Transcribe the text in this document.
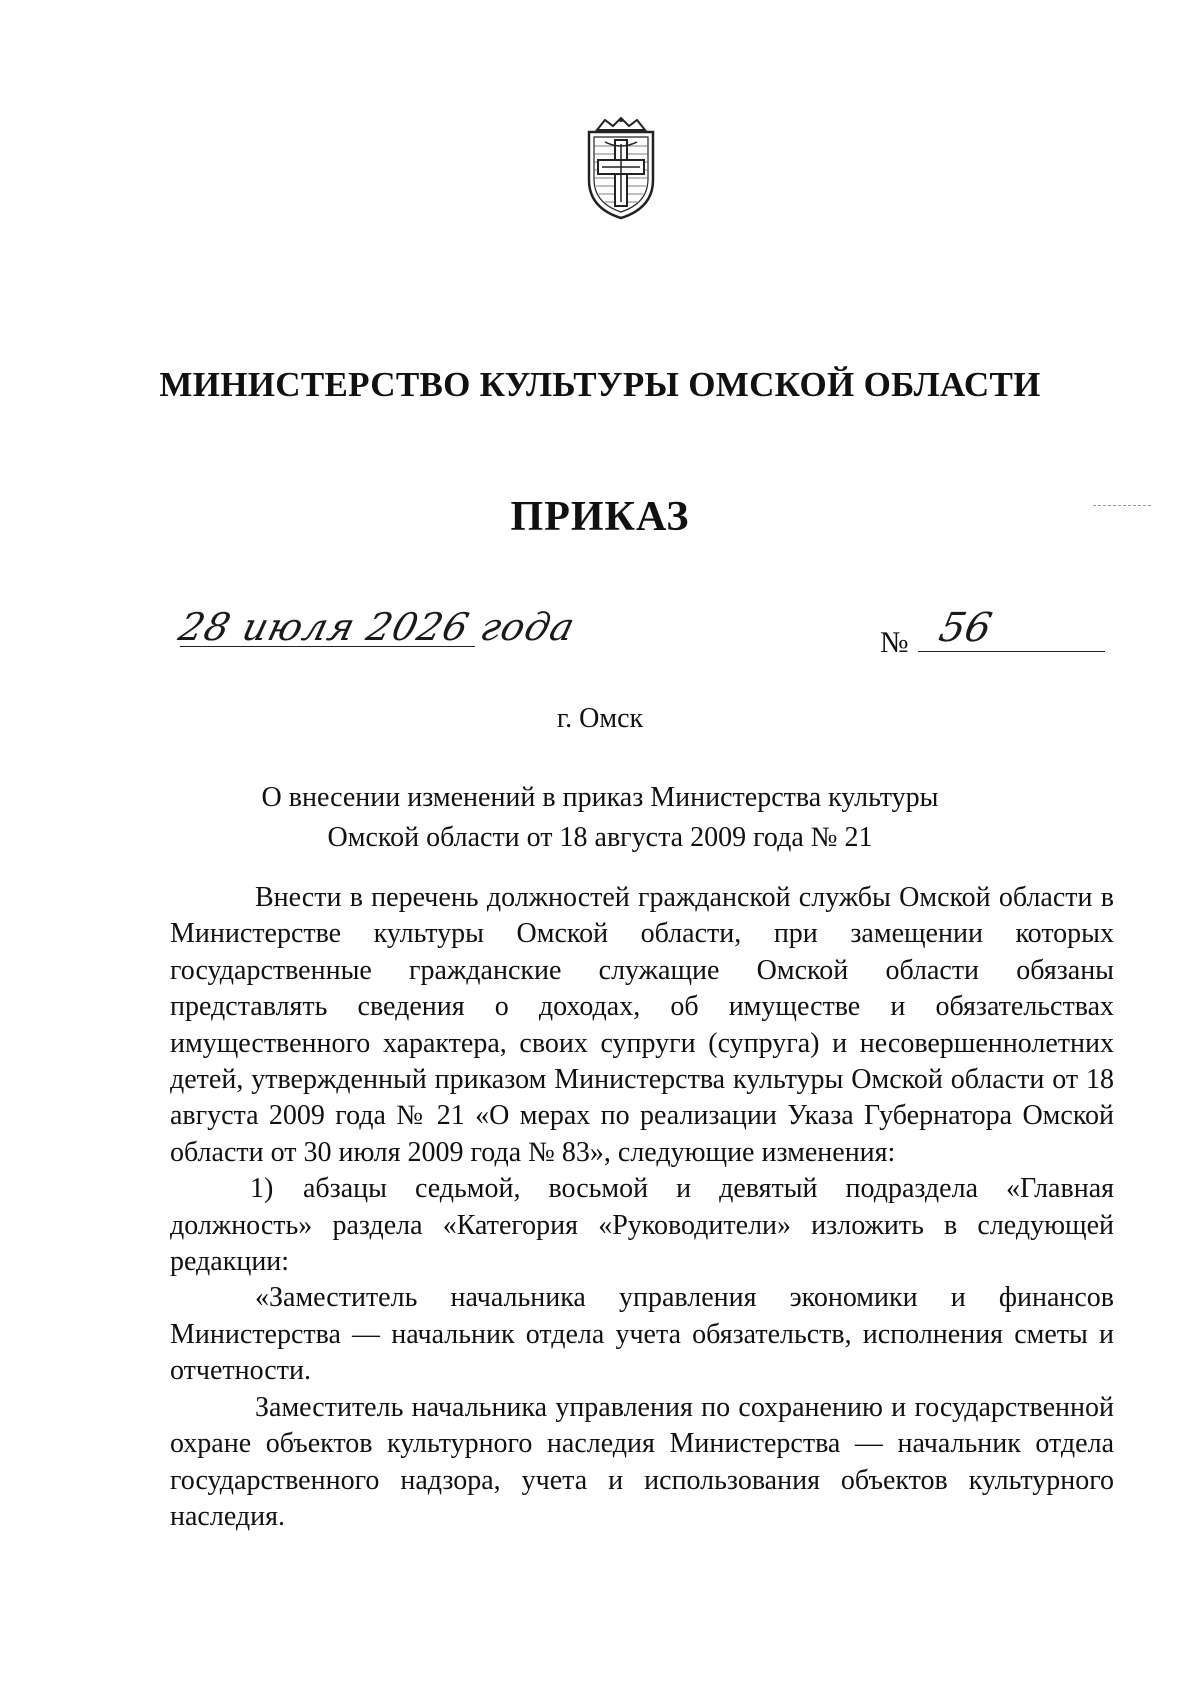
МИНИСТЕРСТВО КУЛЬТУРЫ ОМСКОЙ ОБЛАСТИ
ПРИКАЗ
28 июля 2026 года	№ 56
г. Омск
О внесении изменений в приказ Министерства культуры
Омской области от 18 августа 2009 года № 21

Внести в перечень должностей гражданской службы Омской области в Министерстве культуры Омской области, при замещении которых государственные гражданские служащие Омской области обязаны представлять сведения о доходах, об имуществе и обязательствах имущественного характера, своих супруги (супруга) и несовершеннолетних детей, утвержденный приказом Министерства культуры Омской области от 18 августа 2009 года № 21 «О мерах по реализации Указа Губернатора Омской области от 30 июля 2009 года № 83», следующие изменения:

1) абзацы седьмой, восьмой и девятый подраздела «Главная должность» раздела «Категория «Руководители» изложить в следующей редакции:

«Заместитель начальника управления экономики и финансов Министерства — начальник отдела учета обязательств, исполнения сметы и отчетности.

Заместитель начальника управления по сохранению и государственной охране объектов культурного наследия Министерства — начальник отдела государственного надзора, учета и использования объектов культурного наследия.
